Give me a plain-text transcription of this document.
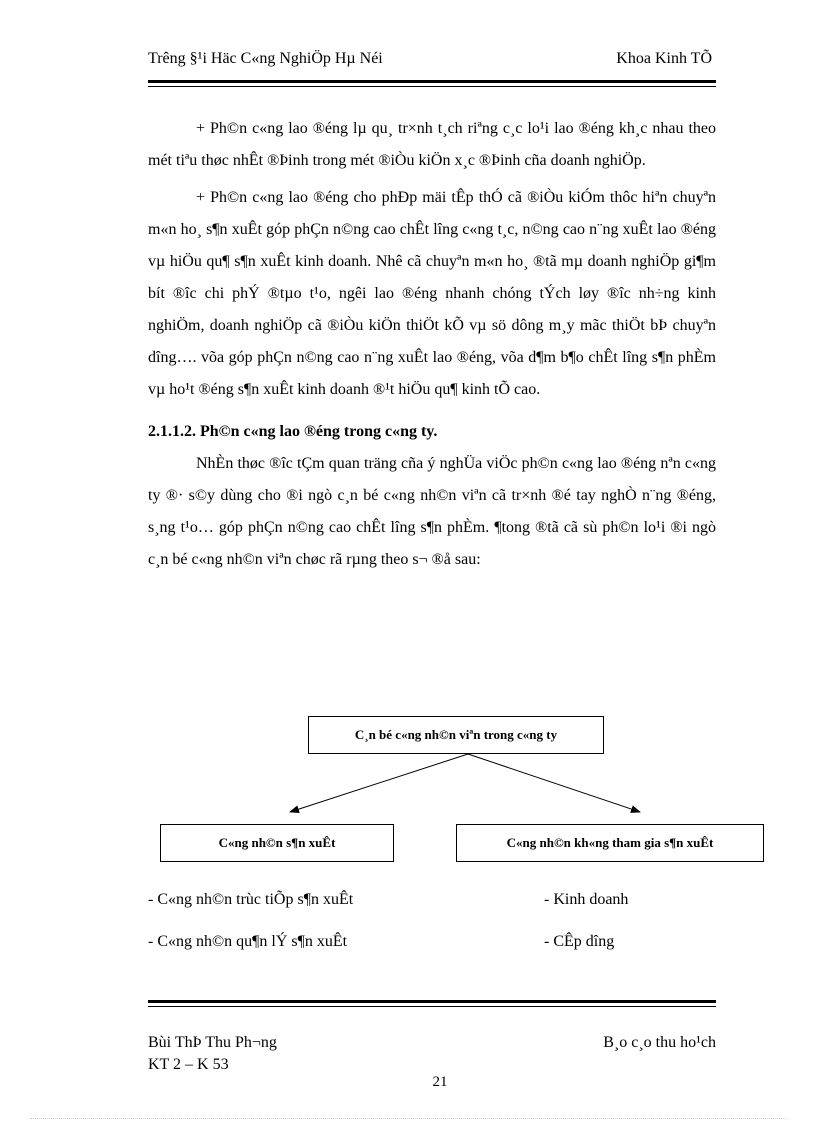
Trêng §¹i Häc C«ng NghiÖp Hµ Néi	Khoa Kinh TÕ

+ Ph©n c«ng lao ®éng lµ qu¸ tr×nh t¸ch riªng c¸c lo¹i lao ®éng kh¸c nhau theo mét tiªu thøc nhÊt ®Þinh trong mét ®iÒu kiÖn x¸c ®Þinh cña doanh nghiÖp.

+ Ph©n c«ng lao ®éng cho phÐp mäi tÊp thÓ cã ®iÒu kiÓm thôc hiªn chuyªn m«n ho¸ s¶n xuÊt góp phÇn n©ng cao chÊt lîng c«ng t¸c, n©ng cao n¨ng xuÊt lao ®éng vµ hiÖu qu¶ s¶n xuÊt kinh doanh. Nhê cã chuyªn m«n ho¸ ®tã mµ doanh nghiÖp gi¶m bít ®îc chi phÝ ®tµo t¹o, ngêi lao ®éng nhanh chóng tÝch løy ®îc nh÷ng kinh nghiÖm, doanh nghiÖp cã ®iÒu kiÖn thiÖt kÕ vµ sö dông m¸y mãc thiÖt bÞ chuyªn dîng…. võa góp phÇn n©ng cao n¨ng xuÊt lao ®éng, võa d¶m b¶o chÊt lîng s¶n phÈm vµ ho¹t ®éng s¶n xuÊt kinh doanh ®¹t hiÖu qu¶ kinh tÕ cao.

2.1.1.2. Ph©n c«ng lao ®éng trong c«ng ty.

NhÈn thøc ®îc tÇm quan träng cña ý nghÜa viÖc ph©n c«ng lao ®éng nªn c«ng ty ®· s©y dùng cho ®i ngò c¸n bé c«ng nh©n viªn cã tr×nh ®é tay nghÒ n¨ng ®éng, s¸ng t¹o… góp phÇn n©ng cao chÊt lîng s¶n phÈm. ¶tong ®tã cã sù ph©n lo¹i ®i ngò c¸n bé c«ng nh©n viªn chøc rã rµng theo s¬ ®å sau:

C¸n bé c«ng nh©n viªn trong c«ng ty
C«ng nh©n s¶n xuÊt	C«ng nh©n kh«ng tham gia s¶n xuÊt
- C«ng nh©n trùc tiÕp s¶n xuÊt
- C«ng nh©n qu¶n lÝ s¶n xuÊt
- Kinh doanh
- CÊp dîng
Bùi ThÞ Thu Ph¬ng
KT 2 – K 53
B¸o c¸o thu ho¹ch
21
